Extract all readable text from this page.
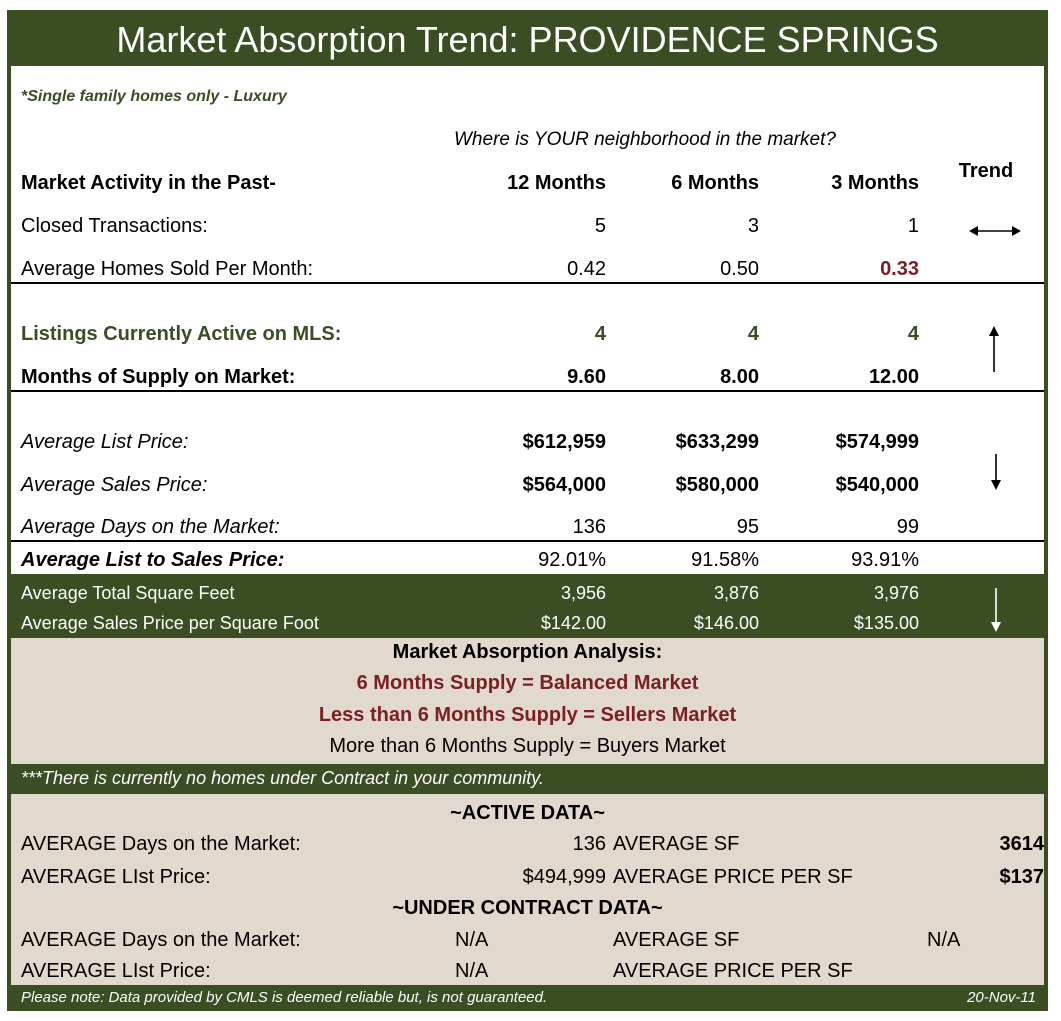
Market Absorption Trend: PROVIDENCE SPRINGS
*Single family homes only - Luxury
Where is YOUR neighborhood in the market?
Market Activity in the Past-	12 Months	6 Months	3 Months
Trend
Closed Transactions:	5	3	1
Average Homes Sold Per Month:	0.42	0.50	0.33
Listings Currently Active on MLS:	4	4	4
Months of Supply on Market:	9.60	8.00	12.00
Average List Price:	$612,959	$633,299	$574,999
Average Sales Price:	$564,000	$580,000	$540,000
Average Days on the Market:	136	95	99
Average List to Sales Price:	92.01%	91.58%	93.91%
Average Total Square Feet	3,956	3,876	3,976
Average Sales Price per Square Foot	$142.00	$146.00	$135.00
Market Absorption Analysis:
6 Months Supply = Balanced Market
Less than 6 Months Supply = Sellers Market
More than 6 Months Supply = Buyers Market
***There is currently no homes under Contract in your community.
~ACTIVE DATA~
AVERAGE Days on the Market:	136 AVERAGE SF	3614
AVERAGE LIst Price:	$494,999 AVERAGE PRICE PER SF	$137
~UNDER CONTRACT DATA~
AVERAGE Days on the Market:	N/A	AVERAGE SF	N/A
AVERAGE LIst Price:	N/A	AVERAGE PRICE PER SF
Please note: Data provided by CMLS is deemed reliable but, is not guaranteed.	20-Nov-11
